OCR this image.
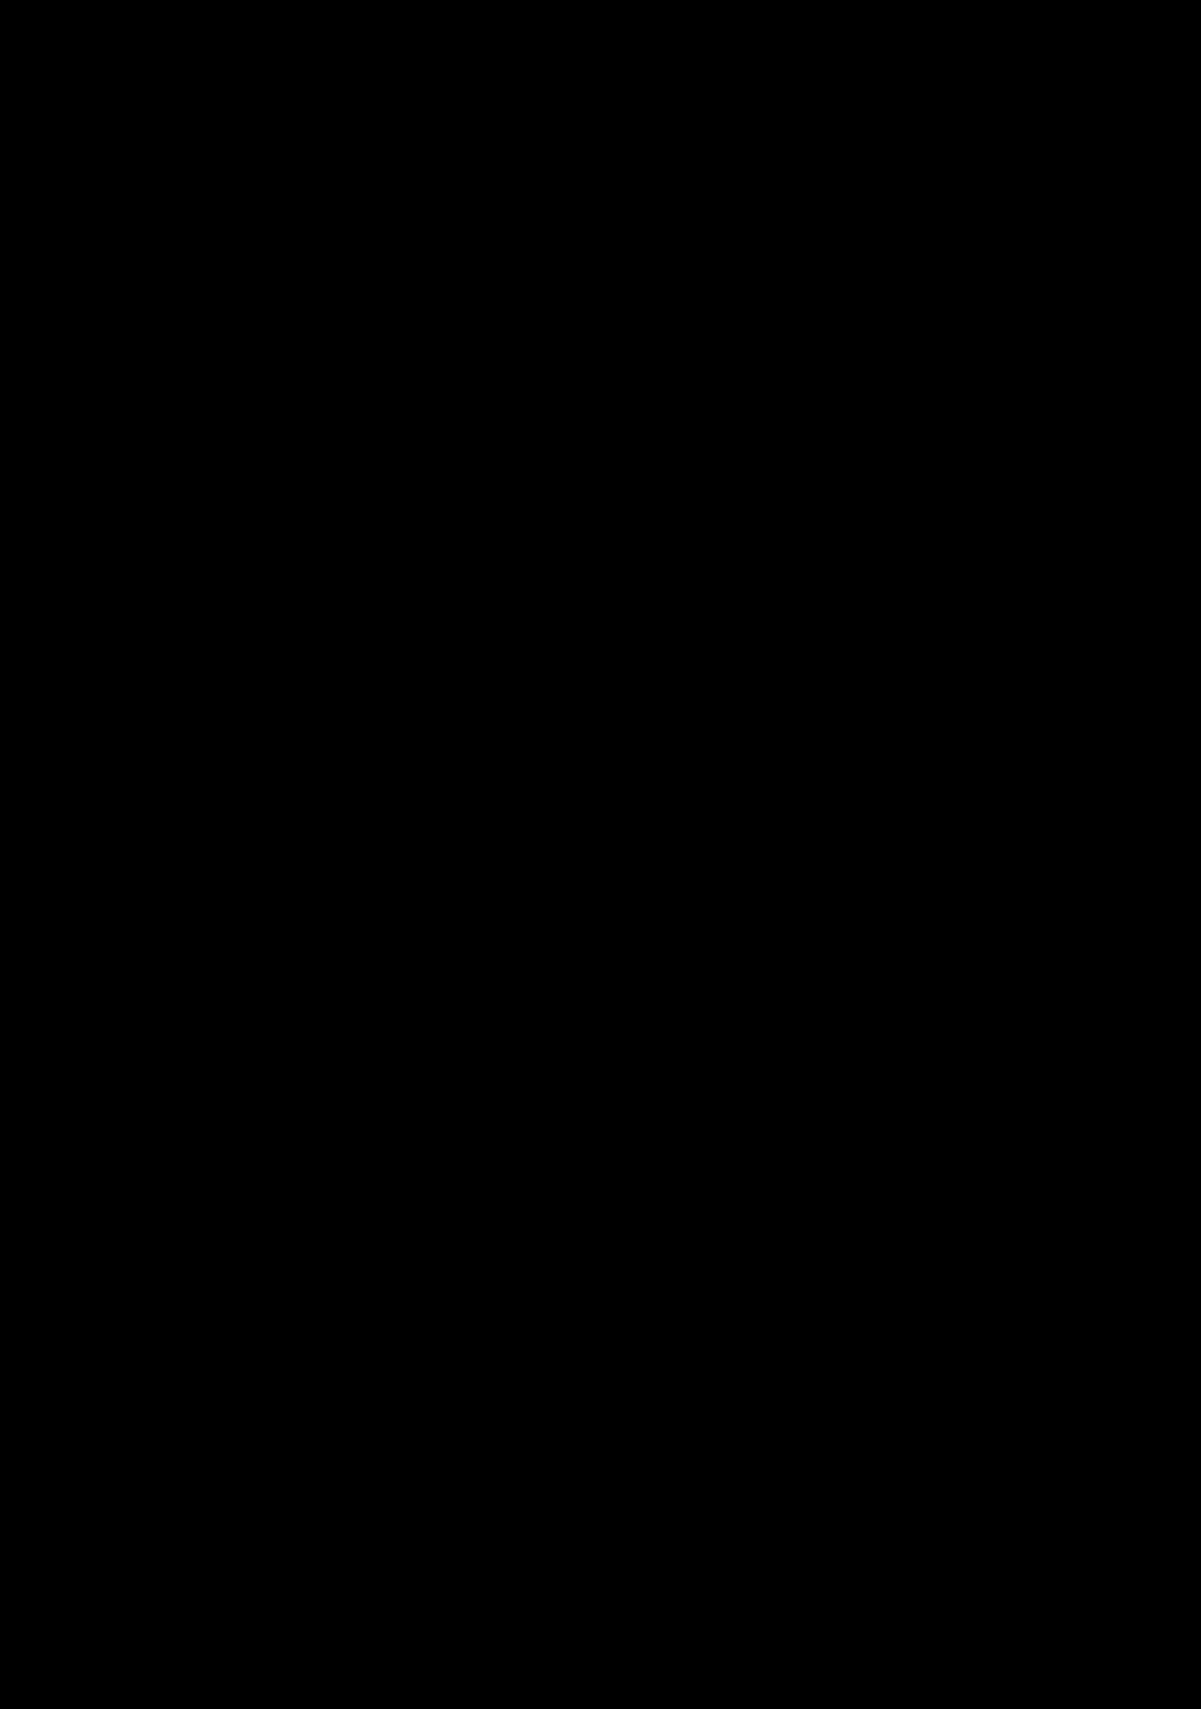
2.12 Λογιστική ταυτότητα του Δήμου
Ξεκινάμε από το δεδομένο ότι η οικονομική μονάδα χρειάζεται να ξέρει ανά πάσα
στιγμή τι έχει και που το χρωστάει. Εμφανίζεται λοιπόν το πρώτο βασικό αξίωμα που
λέει «η οικονομική μονάδα ό,τι έχει σαν περιουσιακό στοιχείο σε κάποιον το
χρωστάει». Αυτός ο κάποιος μπορεί να είναι ο επιχειρηματίας (που έβαλε το
κεφάλαιο) είτε κάποιος τρίτος (τράπεζα, προμηθευτές κλπ.)
Αν συμφωνήσουμε να ονομάσουμε «ό,τι έχει» η επιχείρηση Ενεργητικό και
«ό,τι οφείλει» Παθητικό καταλήγουμε στην αποκαλούμενη λογιστική ταυτότητα.
ΕΝΕΡΓΗΤΙΚΟ = ΠΑΘΗΤΙΚΟ
Αν προχωρήσουμε παραπέρα και διαχωρίσουμε «το τι χρωστάει» στον ε-
πιχειρηματία από το «τι χρωστάει σε τρίτους» και συμφωνήσουμε να ονομάσουμε το
ό,τι χρωστάει στον επιχειρηματία «καθαρή θέση ή καθαρή
περιουσία» και ό,τι χρωστάει σε τρίτους «υποχρεώσεις» τότε η προηγούμενη ταυτό-
τητα διαμορφώνεται σε:
ΕΝΕΡΓΗΤΙΚΟ = ΚΑΘΑΡΗ ΘΕΣΗ + ΥΠΟΧΡΕΩΣΕΙΣ
Παρουσίαση των βασικών τμημάτων του ισολογισμού.
Ο ισολογισμός απεικονίζει την περιουσιακή κατάσταση της οικονομικής
μονάδας. Όπως έχουμε αναφέρει το Ενεργητικό παρουσιάζει την περιουσία του (αυτό
που έχει, αυτό που δικαιούται) και το Παθητικό που το χρωστάει (ή διαφορετικά θα
μπορούσαμε να πούμε τις πηγές χρηματοδότησης του Ενεργητικού). Με τους
επόμενους πίνακες θα προσπαθήσουμε να απεικονίσουμε τα κομμάτια του
ισολογισμού. Η διαδικασία που θα ακολουθήσουμε θα είναι από επίπεδο σε επίπεδο:
Α΄ επίπεδο	
ΕΝΕΡΓΗΤΙΚΟ	ΠΑΘΗΤΙΚΟ
Η περιουσία	Οι πηγές χρηματοδότησης
Απεικονίζει τα 2 βασικά του σκέλη του ισολογισμού
Β' επίπεδο	
ΕΝΕΡΓΗΤΙΚΟ	ΠΑΘΗΤΙΚΟ
Πάγιο ενεργητικό	Ίδια κεφάλαια
Κυκλοφορούν ενεργητικό	Ξένα κεφάλαια
96
